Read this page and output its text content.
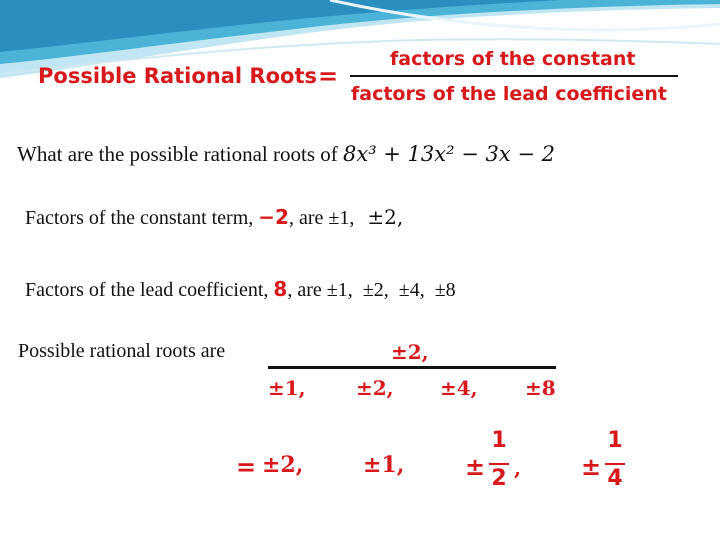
Possible Rational Roots =
factors of the constant
factors of the lead coefficient
What are the possible rational roots of 8x³ + 13x² − 3x − 2
Factors of the constant term, −2, are ±1, ±2,
Factors of the lead coefficient, 8, are ±1,  ±2,  ±4,  ±8
Possible rational roots are	±2,
±1,	±2, ±4, ±8
= ±2,	±1,	±
1
2 ,	±
1
4
